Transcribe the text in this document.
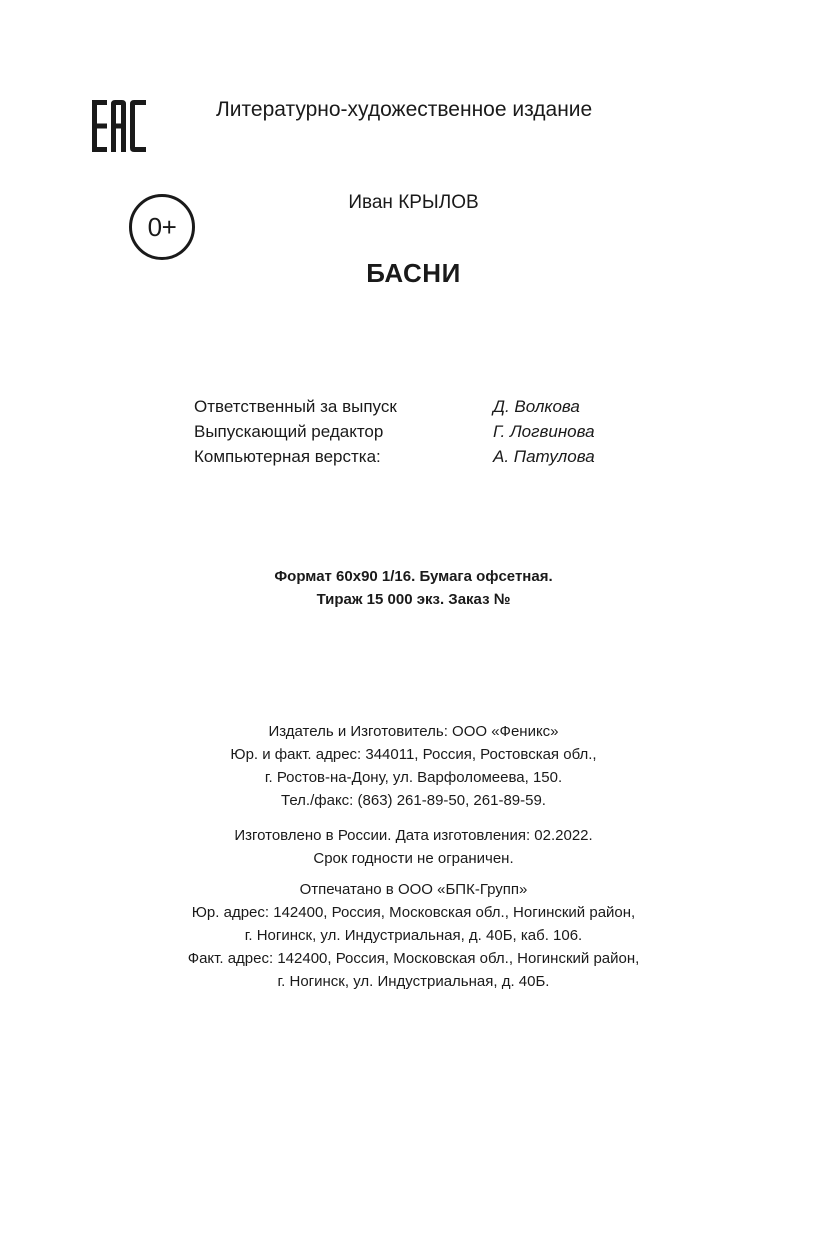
0+
Литературно-художественное издание
Иван КРЫЛОВ
БАСНИ
Ответственный за выпуск	Д. Волкова
Выпускающий редактор	Г. Логвинова
Компьютерная верстка:	А. Патулова
Формат 60x90 1/16. Бумага офсетная.
Тираж 15 000 экз. Заказ №
Издатель и Изготовитель: ООО «Феникс»
Юр. и факт. адрес: 344011, Россия, Ростовская обл.,
г. Ростов-на-Дону, ул. Варфоломеева, 150.
Тел./факс: (863) 261-89-50, 261-89-59.
Изготовлено в России. Дата изготовления: 02.2022.
Срок годности не ограничен.
Отпечатано в ООО «БПК-Групп»
Юр. адрес: 142400, Россия, Московская обл., Ногинский район,
г. Ногинск, ул. Индустриальная, д. 40Б, каб. 106.
Факт. адрес: 142400, Россия, Московская обл., Ногинский район,
г. Ногинск, ул. Индустриальная, д. 40Б.
